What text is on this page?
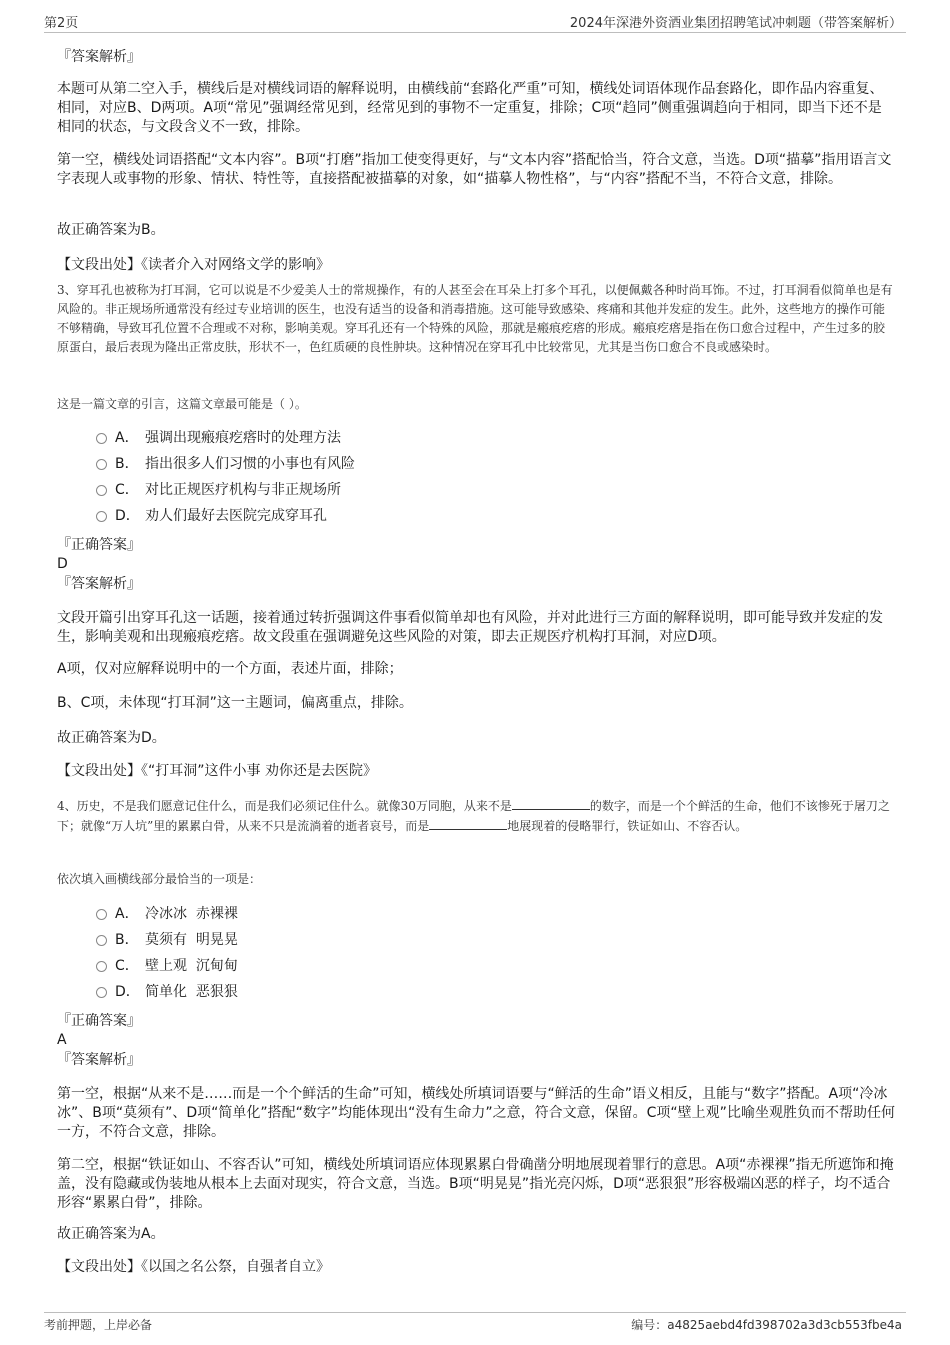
第2页	2024年深港外资酒业集团招聘笔试冲刺题（带答案解析）
『答案解析』

本题可从第二空入手，横线后是对横线词语的解释说明，由横线前“套路化严重”可知，横线处词语体现作品套路化，即作品内容重复、相同，对应B、D两项。A项“常见”强调经常见到，经常见到的事物不一定重复，排除；C项“趋同”侧重强调趋向于相同，即当下还不是相同的状态，与文段含义不一致，排除。

第一空，横线处词语搭配“文本内容”。B项“打磨”指加工使变得更好，与“文本内容”搭配恰当，符合文意，当选。D项“描摹”指用语言文字表现人或事物的形象、情状、特性等，直接搭配被描摹的对象，如“描摹人物性格”，与“内容”搭配不当，不符合文意，排除。

故正确答案为B。

【文段出处】《读者介入对网络文学的影响》

3、穿耳孔也被称为打耳洞，它可以说是不少爱美人士的常规操作，有的人甚至会在耳朵上打多个耳孔，以便佩戴各种时尚耳饰。不过，打耳洞看似简单也是有风险的。非正规场所通常没有经过专业培训的医生，也没有适当的设备和消毒措施。这可能导致感染、疼痛和其他并发症的发生。此外，这些地方的操作可能不够精确，导致耳孔位置不合理或不对称，影响美观。穿耳孔还有一个特殊的风险，那就是瘢痕疙瘩的形成。瘢痕疙瘩是指在伤口愈合过程中，产生过多的胶原蛋白，最后表现为隆出正常皮肤，形状不一，色红质硬的良性肿块。这种情况在穿耳孔中比较常见，尤其是当伤口愈合不良或感染时。

这是一篇文章的引言，这篇文章最可能是（ ）。

A． 强调出现瘢痕疙瘩时的处理方法
B． 指出很多人们习惯的小事也有风险
C． 对比正规医疗机构与非正规场所
D． 劝人们最好去医院完成穿耳孔
『正确答案』
D
『答案解析』

文段开篇引出穿耳孔这一话题，接着通过转折强调这件事看似简单却也有风险，并对此进行三方面的解释说明，即可能导致并发症的发生，影响美观和出现瘢痕疙瘩。故文段重在强调避免这些风险的对策，即去正规医疗机构打耳洞，对应D项。

A项，仅对应解释说明中的一个方面，表述片面，排除；

B、C项，未体现“打耳洞”这一主题词，偏离重点，排除。

故正确答案为D。

【文段出处】《“打耳洞”这件小事 劝你还是去医院》

4、历史，不是我们愿意记住什么，而是我们必须记住什么。就像30万同胞，从来不是	的数字，而是一个个鲜活的生命，他们不该惨死于屠刀之下；就像“万人坑”里的累累白骨，从来不只是流淌着的逝者哀号，而是	地展现着的侵略罪行，铁证如山、不容否认。

依次填入画横线部分最恰当的一项是：

A． 冷冰冰  赤裸裸
B． 莫须有  明晃晃
C． 壁上观  沉甸甸
D． 简单化  恶狠狠
『正确答案』
A
『答案解析』

第一空，根据“从来不是……而是一个个鲜活的生命”可知，横线处所填词语要与“鲜活的生命”语义相反，且能与“数字”搭配。A项“冷冰冰”、B项“莫须有”、D项“简单化”搭配“数字”均能体现出“没有生命力”之意，符合文意，保留。C项“壁上观”比喻坐观胜负而不帮助任何一方，不符合文意，排除。

第二空，根据“铁证如山、不容否认”可知，横线处所填词语应体现累累白骨确凿分明地展现着罪行的意思。A项“赤裸裸”指无所遮饰和掩盖，没有隐藏或伪装地从根本上去面对现实，符合文意，当选。B项“明晃晃”指光亮闪烁，D项“恶狠狠”形容极端凶恶的样子，均不适合形容“累累白骨”，排除。

故正确答案为A。

【文段出处】《以国之名公祭，自强者自立》
考前押题，上岸必备	编号：a4825aebd4fd398702a3d3cb553fbe4a
